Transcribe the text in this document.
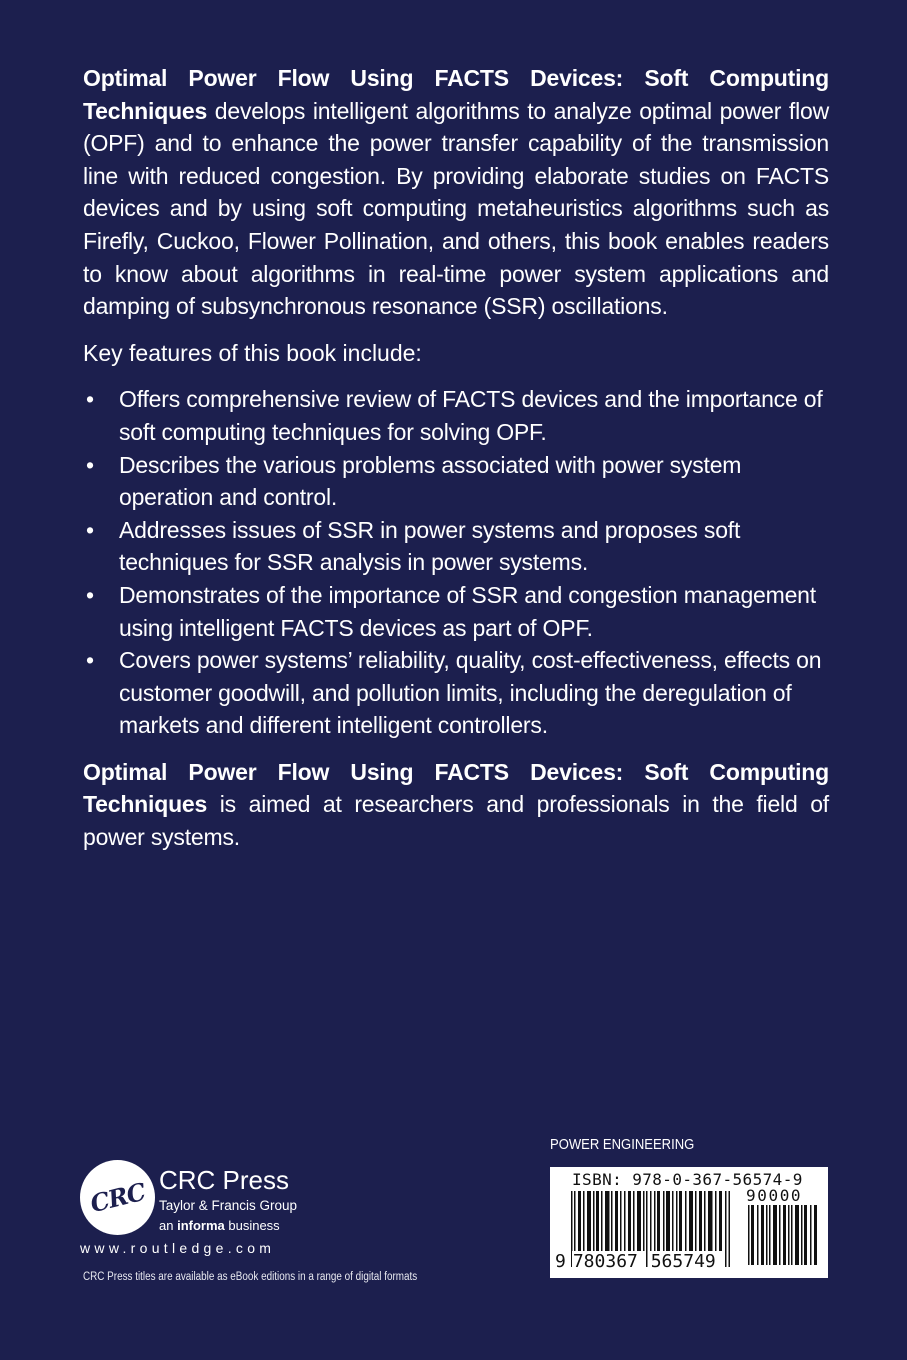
Optimal Power Flow Using FACTS Devices: Soft Computing Techniques develops intelligent algorithms to analyze optimal power flow (OPF) and to enhance the power transfer capability of the transmission line with reduced congestion. By providing elaborate studies on FACTS devices and by using soft computing metaheuristics algorithms such as Firefly, Cuckoo, Flower Pollination, and others, this book enables readers to know about algorithms in real-time power system applications and damping of subsynchronous resonance (SSR) oscillations.

Key features of this book include:

• Offers comprehensive review of FACTS devices and the importance of soft computing techniques for solving OPF.
• Describes the various problems associated with power system operation and control.
• Addresses issues of SSR in power systems and proposes soft techniques for SSR analysis in power systems.
• Demonstrates of the importance of SSR and congestion management using intelligent FACTS devices as part of OPF.
• Covers power systems’ reliability, quality, cost-effectiveness, effects on customer goodwill, and pollution limits, including the deregulation of markets and different intelligent controllers.

Optimal Power Flow Using FACTS Devices: Soft Computing Techniques is aimed at researchers and professionals in the field of power systems.

CRC CRC Press
Taylor & Francis Group
an informa business
www.routledge.com
CRC Press titles are available as eBook editions in a range of digital formats
POWER ENGINEERING
ISBN: 978-0-367-56574-9
90000
9 780367 565749
